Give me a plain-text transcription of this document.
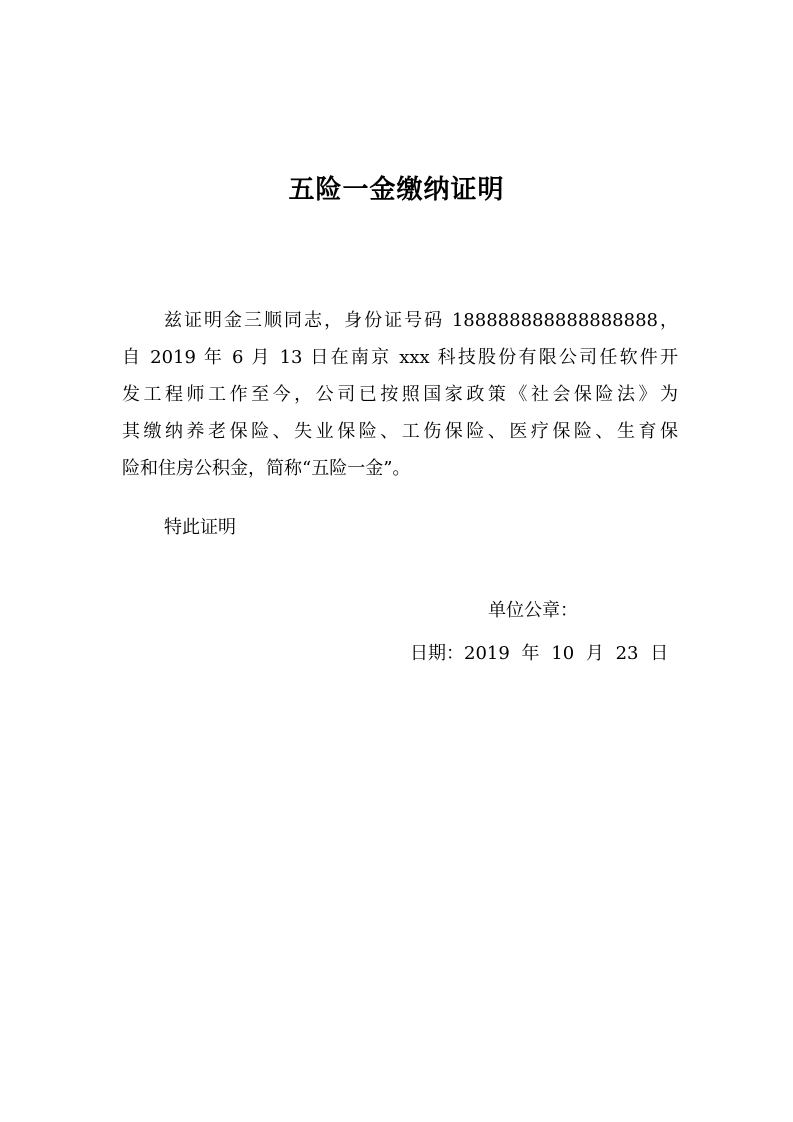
五险一金缴纳证明
兹证明金三顺同志，身份证号码 188888888888888888，
自 2019 年 6 月 13 日在南京 xxx 科技股份有限公司任软件开
发工程师工作至今，公司已按照国家政策《社会保险法》为
其缴纳养老保险、失业保险、工伤保险、医疗保险、生育保
险和住房公积金，简称“五险一金”。
特此证明
单位公章：
日期：2019 年 10 月 23 日
